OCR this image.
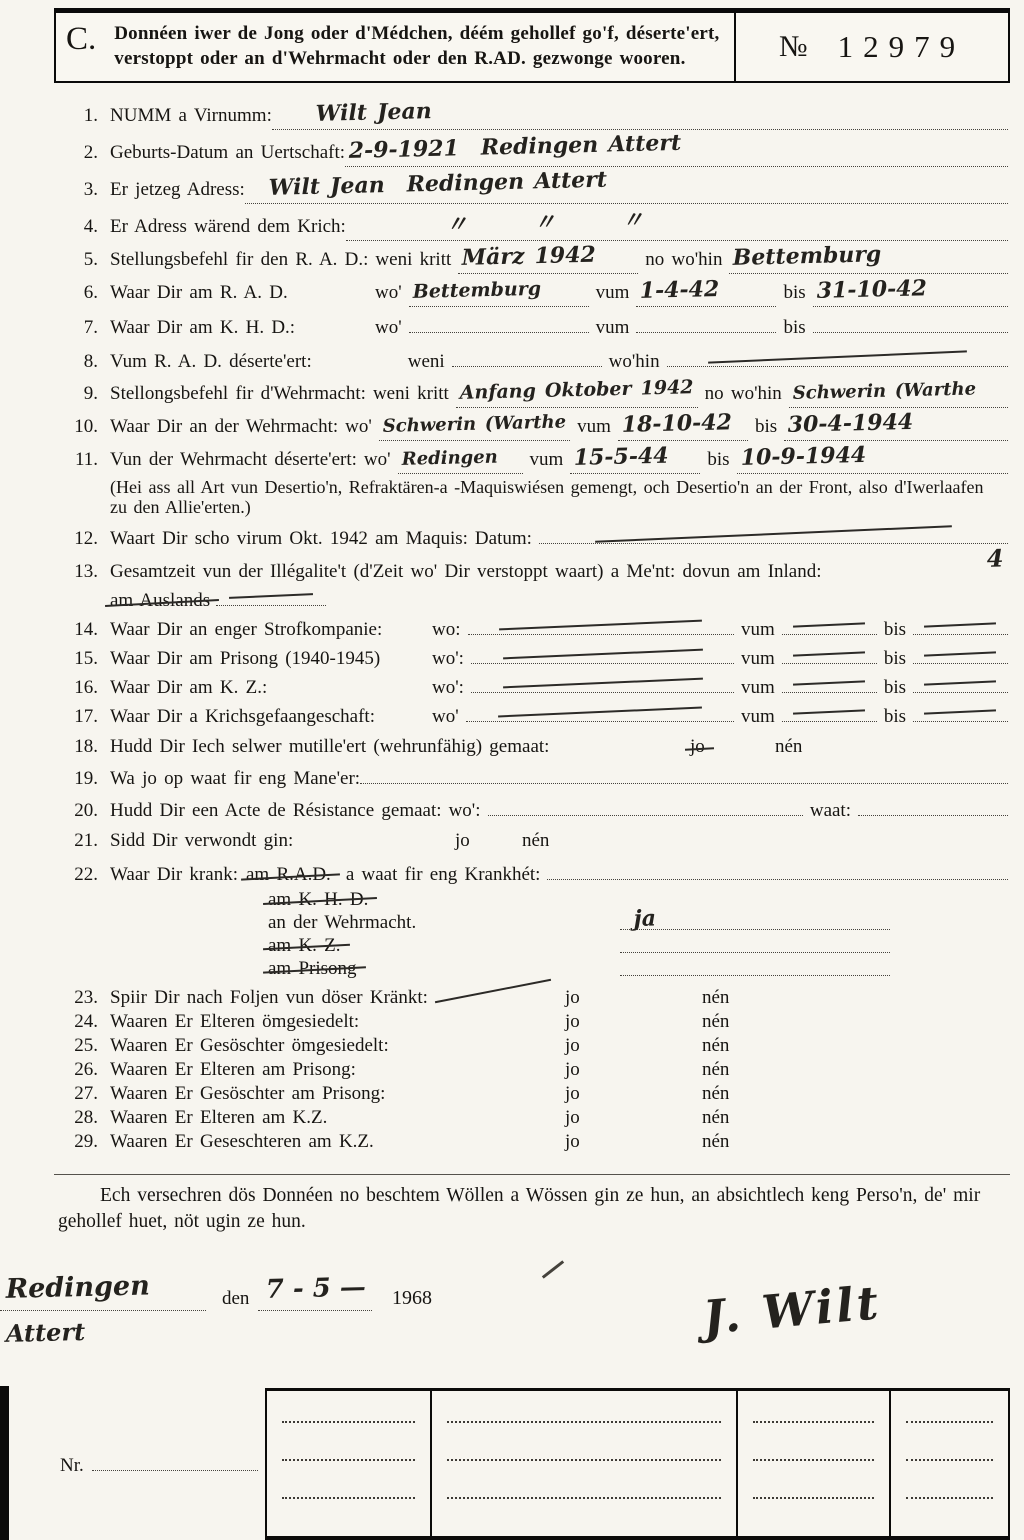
C. Donnéen iwer de Jong oder d'Médchen, déém gehollef go'f, déserte'ert, verstoppt oder an d'Wehrmacht oder den R.AD. gezwonge wooren.	№ 12979
1. NUMM a Virnumm:	Wilt Jean
2. Geburts-Datum an Uertschaft: 2-9-1921 Redingen Attert
3. Er jetzeg Adress:	Wilt Jean Redingen Attert
4. Er Adress wärend dem Krich:	〃   〃   〃
5. Stellungsbefehl fir den R. A. D.: weni kritt März 1942	no wo'hin Bettemburg
6. Waar Dir am R. A. D.	wo' Bettemburg	vum 1-4-42	bis 31-10-42
7. Waar Dir am K. H. D.:	wo'	vum	bis
8. Vum R. A. D. déserte'ert:	weni	wo'hin
9. Stellongsbefehl fir d'Wehrmacht: weni kritt Anfang Oktober 1942 no wo'hin Schwerin (Warthe
10. Waar Dir an der Wehrmacht: wo' Schwerin (Warthe vum 18-10-42	bis 30-4-1944
11. Vun der Wehrmacht déserte'ert: wo' Redingen	vum 15-5-44	bis 10-9-1944
(Hei ass all Art vun Desertio'n, Refraktären-a -Maquiswiésen gemengt, och Desertio'n an der Front, also d'Iwerlaafen zu den Allie'erten.)
12. Waart Dir scho virum Okt. 1942 am Maquis: Datum:
13. Gesamtzeit vun der Illégalite't (d'Zeit wo' Dir verstoppt waart) a Me'nt: dovun am Inland:	4
am Auslands
14. Waar Dir an enger Strofkompanie:	wo:	vum	bis
15. Waar Dir am Prisong (1940-1945)	wo':	vum	bis
16. Waar Dir am K. Z.:	wo':	vum	bis
17. Waar Dir a Krichsgefaangeschaft:	wo'	vum	bis
18. Hudd Dir Iech selwer mutille'ert (wehrunfähig) gemaat:	jo	nén
19. Wa jo op waat fir eng Mane'er:
20. Hudd Dir een Acte de Résistance gemaat: wo':	waat:
21. Sidd Dir verwondt gin:	jo	nén
22. Waar Dir krank: am R.A.D. a waat fir eng Krankhét:
am K. H. D.
an der Wehrmacht.	ja
am K. Z.
am Prisong
23. Spiir Dir nach Foljen vun döser Kränkt:	jo	nén
24. Waaren Er Elteren ömgesiedelt:	jo	nén
25. Waaren Er Gesöschter ömgesiedelt:	jo	nén
26. Waaren Er Elteren am Prisong:	jo	nén
27. Waaren Er Gesöschter am Prisong:	jo	nén
28. Waaren Er Elteren am K.Z.	jo	nén
29. Waaren Er Geseschteren am K.Z.	jo	nén

Ech versechren dös Donnéen no beschtem Wöllen a Wössen gin ze hun, an absichtlech keng Perso'n, de' mir gehollef huet, nöt ugin ze hun.

Redingen	den 7 - 5 — 1968
Attert	J. Wilt
Nr.
